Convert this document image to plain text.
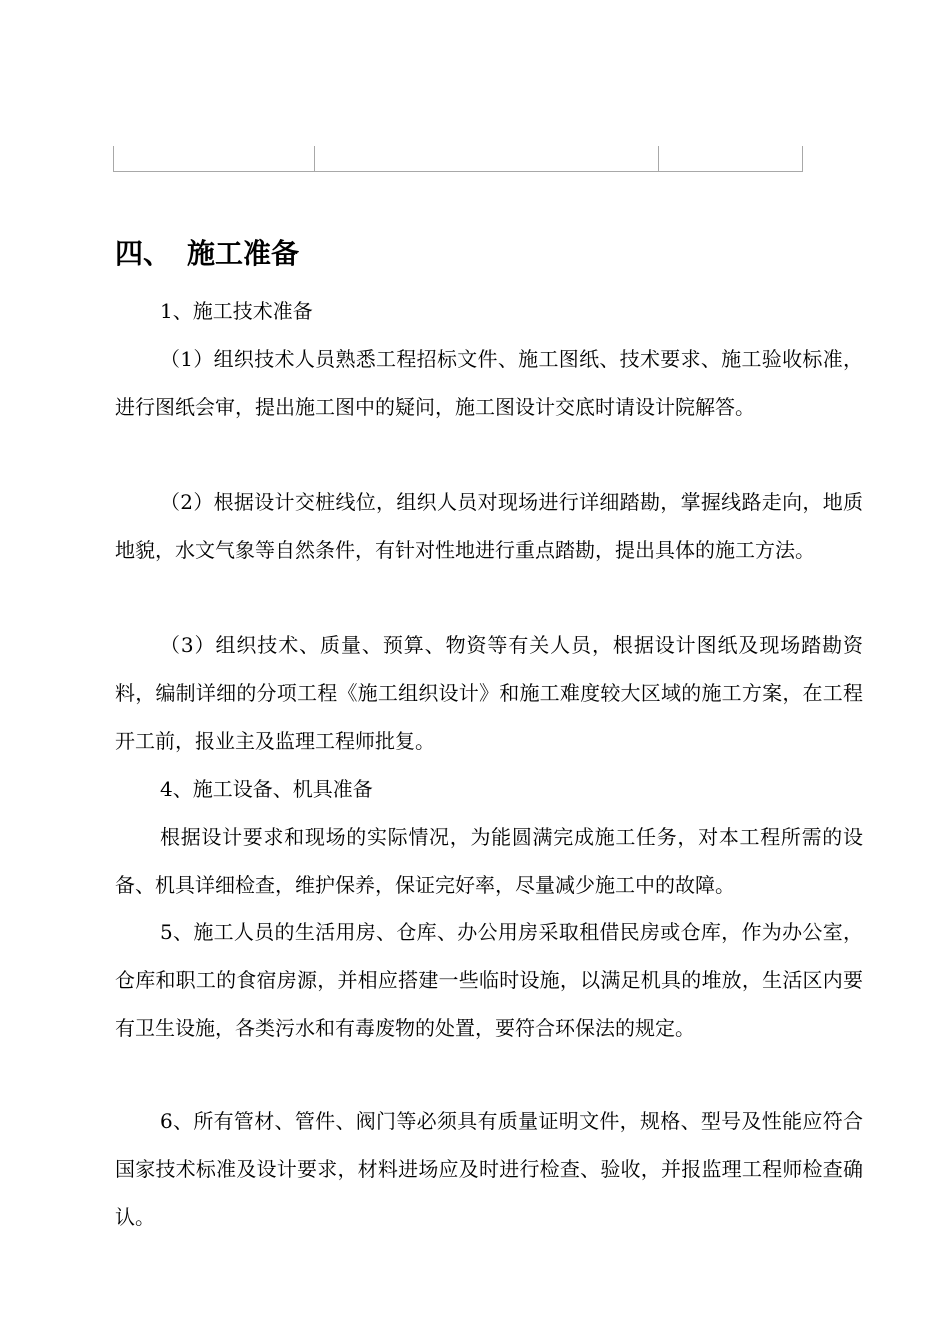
四、 施工准备
1、施工技术准备
（1）组织技术人员熟悉工程招标文件、施工图纸、技术要求、施工验收标准，进行图纸会审，提出施工图中的疑问，施工图设计交底时请设计院解答。
（2）根据设计交桩线位，组织人员对现场进行详细踏勘，掌握线路走向，地质地貌，水文气象等自然条件，有针对性地进行重点踏勘，提出具体的施工方法。
（3）组织技术、质量、预算、物资等有关人员，根据设计图纸及现场踏勘资料，编制详细的分项工程《施工组织设计》和施工难度较大区域的施工方案，在工程开工前，报业主及监理工程师批复。
4、施工设备、机具准备
根据设计要求和现场的实际情况，为能圆满完成施工任务，对本工程所需的设备、机具详细检查，维护保养，保证完好率，尽量减少施工中的故障。
5、施工人员的生活用房、仓库、办公用房采取租借民房或仓库，作为办公室，仓库和职工的食宿房源，并相应搭建一些临时设施，以满足机具的堆放，生活区内要有卫生设施，各类污水和有毒废物的处置，要符合环保法的规定。
6、所有管材、管件、阀门等必须具有质量证明文件，规格、型号及性能应符合国家技术标准及设计要求，材料进场应及时进行检查、验收，并报监理工程师检查确认。
